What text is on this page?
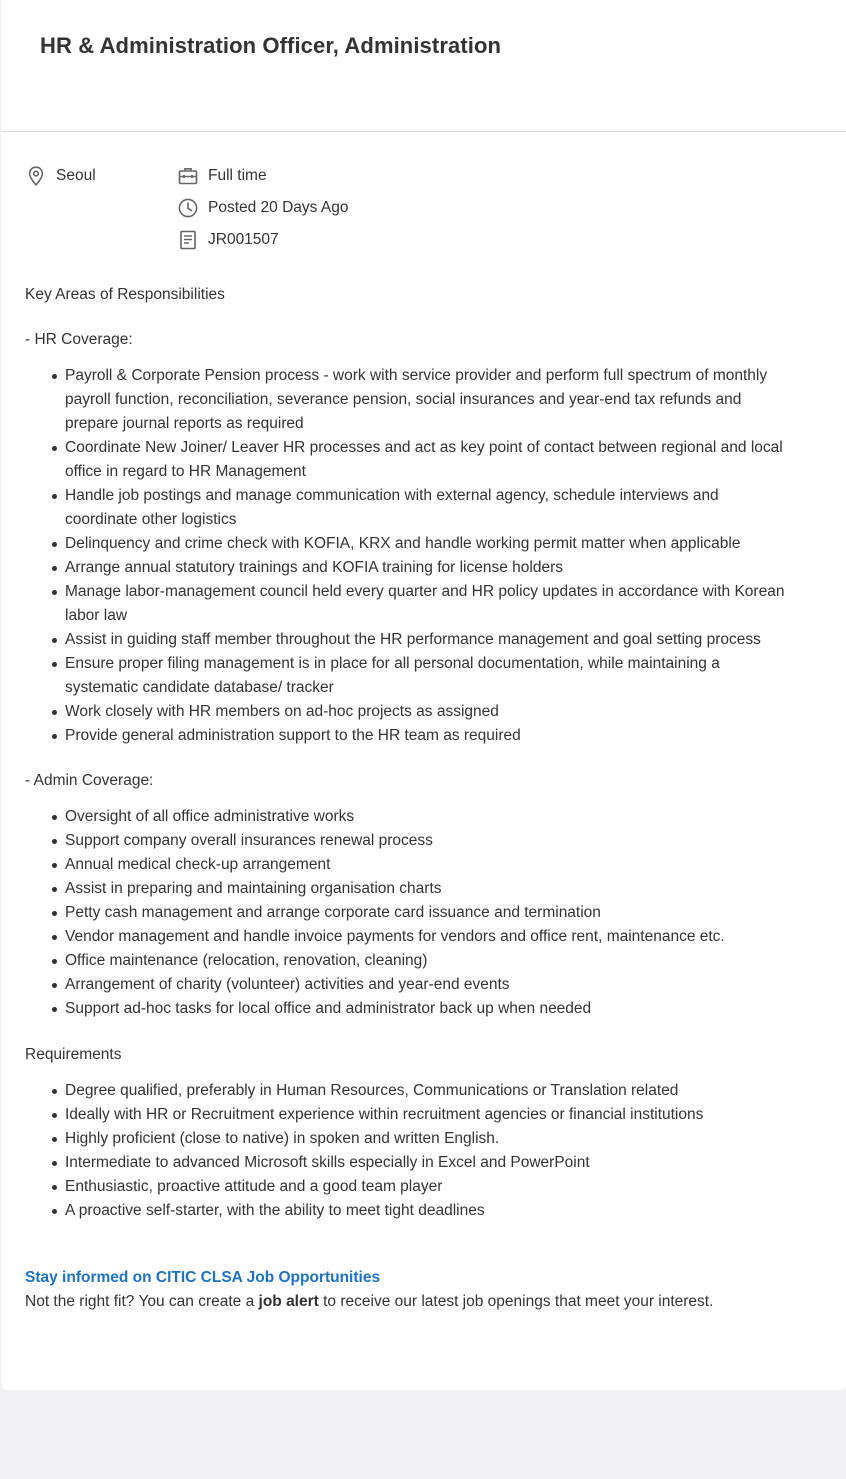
HR & Administration Officer, Administration
Seoul	Full time
Posted 20 Days Ago
JR001507

Key Areas of Responsibilities

- HR Coverage:

Payroll & Corporate Pension process - work with service provider and perform full spectrum of monthly payroll function, reconciliation, severance pension, social insurances and year-end tax refunds and prepare journal reports as required
Coordinate New Joiner/ Leaver HR processes and act as key point of contact between regional and local office in regard to HR Management
Handle job postings and manage communication with external agency, schedule interviews and coordinate other logistics
Delinquency and crime check with KOFIA, KRX and handle working permit matter when applicable
Arrange annual statutory trainings and KOFIA training for license holders
Manage labor-management council held every quarter and HR policy updates in accordance with Korean labor law
Assist in guiding staff member throughout the HR performance management and goal setting process
Ensure proper filing management is in place for all personal documentation, while maintaining a systematic candidate database/ tracker
Work closely with HR members on ad-hoc projects as assigned
Provide general administration support to the HR team as required

- Admin Coverage:

Oversight of all office administrative works
Support company overall insurances renewal process
Annual medical check-up arrangement
Assist in preparing and maintaining organisation charts
Petty cash management and arrange corporate card issuance and termination
Vendor management and handle invoice payments for vendors and office rent, maintenance etc.
Office maintenance (relocation, renovation, cleaning)
Arrangement of charity (volunteer) activities and year-end events
Support ad-hoc tasks for local office and administrator back up when needed

Requirements

Degree qualified, preferably in Human Resources, Communications or Translation related
Ideally with HR or Recruitment experience within recruitment agencies or financial institutions
Highly proficient (close to native) in spoken and written English.
Intermediate to advanced Microsoft skills especially in Excel and PowerPoint
Enthusiastic, proactive attitude and a good team player
A proactive self-starter, with the ability to meet tight deadlines

Stay informed on CITIC CLSA Job Opportunities

Not the right fit? You can create a job alert to receive our latest job openings that meet your interest.
